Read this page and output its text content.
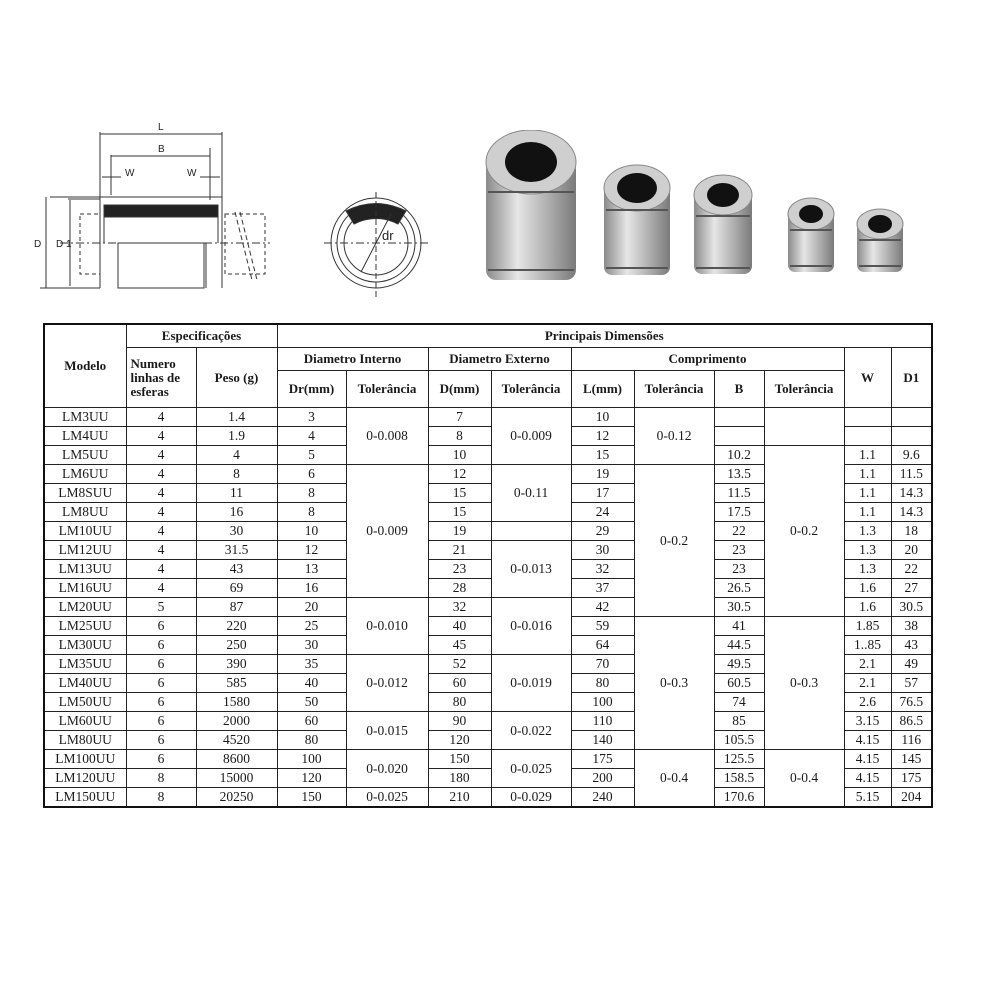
L
B
W	W
D D 1
dr
Modelo	Especificações		Principais Dimensões									
	Numero linhas de esferas	Peso (g)	Diametro Interno		Diametro Externo		Comprimento				W	D1
			Dr(mm)	Tolerância	D(mm)	Tolerância	L(mm)	Tolerância	B	Tolerância		
LM3UU	4	1.4	3	0-0.008	7	0-0.009	10	0-0.12				
LM4UU	4	1.9	4		8		12					
LM5UU	4	4	5		10		15		10.2	0-0.2	1.1	9.6
LM6UU	4	8	6	0-0.009	12	0-0.11	19	0-0.2	13.5		1.1	11.5
LM8SUU	4	11	8		15		17		11.5		1.1	14.3
LM8UU	4	16	8		15		24		17.5		1.1	14.3
LM10UU	4	30	10		19		29		22		1.3	18
LM12UU	4	31.5	12		21	0-0.013	30		23		1.3	20
LM13UU	4	43	13		23		32		23		1.3	22
LM16UU	4	69	16		28		37		26.5		1.6	27
LM20UU	5	87	20	0-0.010	32	0-0.016	42		30.5		1.6	30.5
LM25UU	6	220	25		40		59	0-0.3	41	0-0.3	1.85	38
LM30UU	6	250	30		45		64		44.5		1..85	43
LM35UU	6	390	35	0-0.012	52	0-0.019	70		49.5		2.1	49
LM40UU	6	585	40		60		80		60.5		2.1	57
LM50UU	6	1580	50		80		100		74		2.6	76.5
LM60UU	6	2000	60	0-0.015	90	0-0.022	110		85		3.15	86.5
LM80UU	6	4520	80		120		140		105.5		4.15	116
LM100UU	6	8600	100	0-0.020	150	0-0.025	175	0-0.4	125.5	0-0.4	4.15	145
LM120UU	8	15000	120		180		200		158.5		4.15	175
LM150UU	8	20250	150	0-0.025	210	0-0.029	240		170.6		5.15	204
